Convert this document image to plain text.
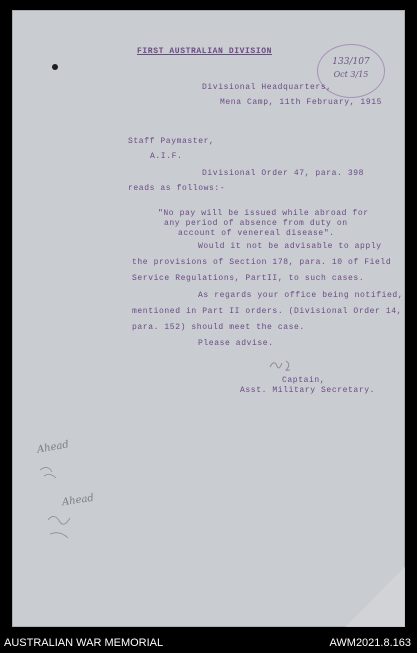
FIRST AUSTRALIAN DIVISION
133/107
Oct 3/15
Divisional Headquarters,
Mena Camp, 11th February, 1915
Staff Paymaster,
A.I.F.
Divisional Order 47, para. 398
reads as follows:-
"No pay will be issued while abroad for
any period of absence from duty on
account of venereal disease".
Would it not be advisable to apply
the provisions of Section 178, para. 10 of Field
Service Regulations, PartII, to such cases.
As regards your office being notified,
mentioned in Part II orders. (Divisional Order 14,
para. 152) should meet the case.
Please advise.
Captain,
Asst. Military Secretary.
Ahead
Ahead
AUSTRALIAN WAR MEMORIAL	AWM2021.8.163
